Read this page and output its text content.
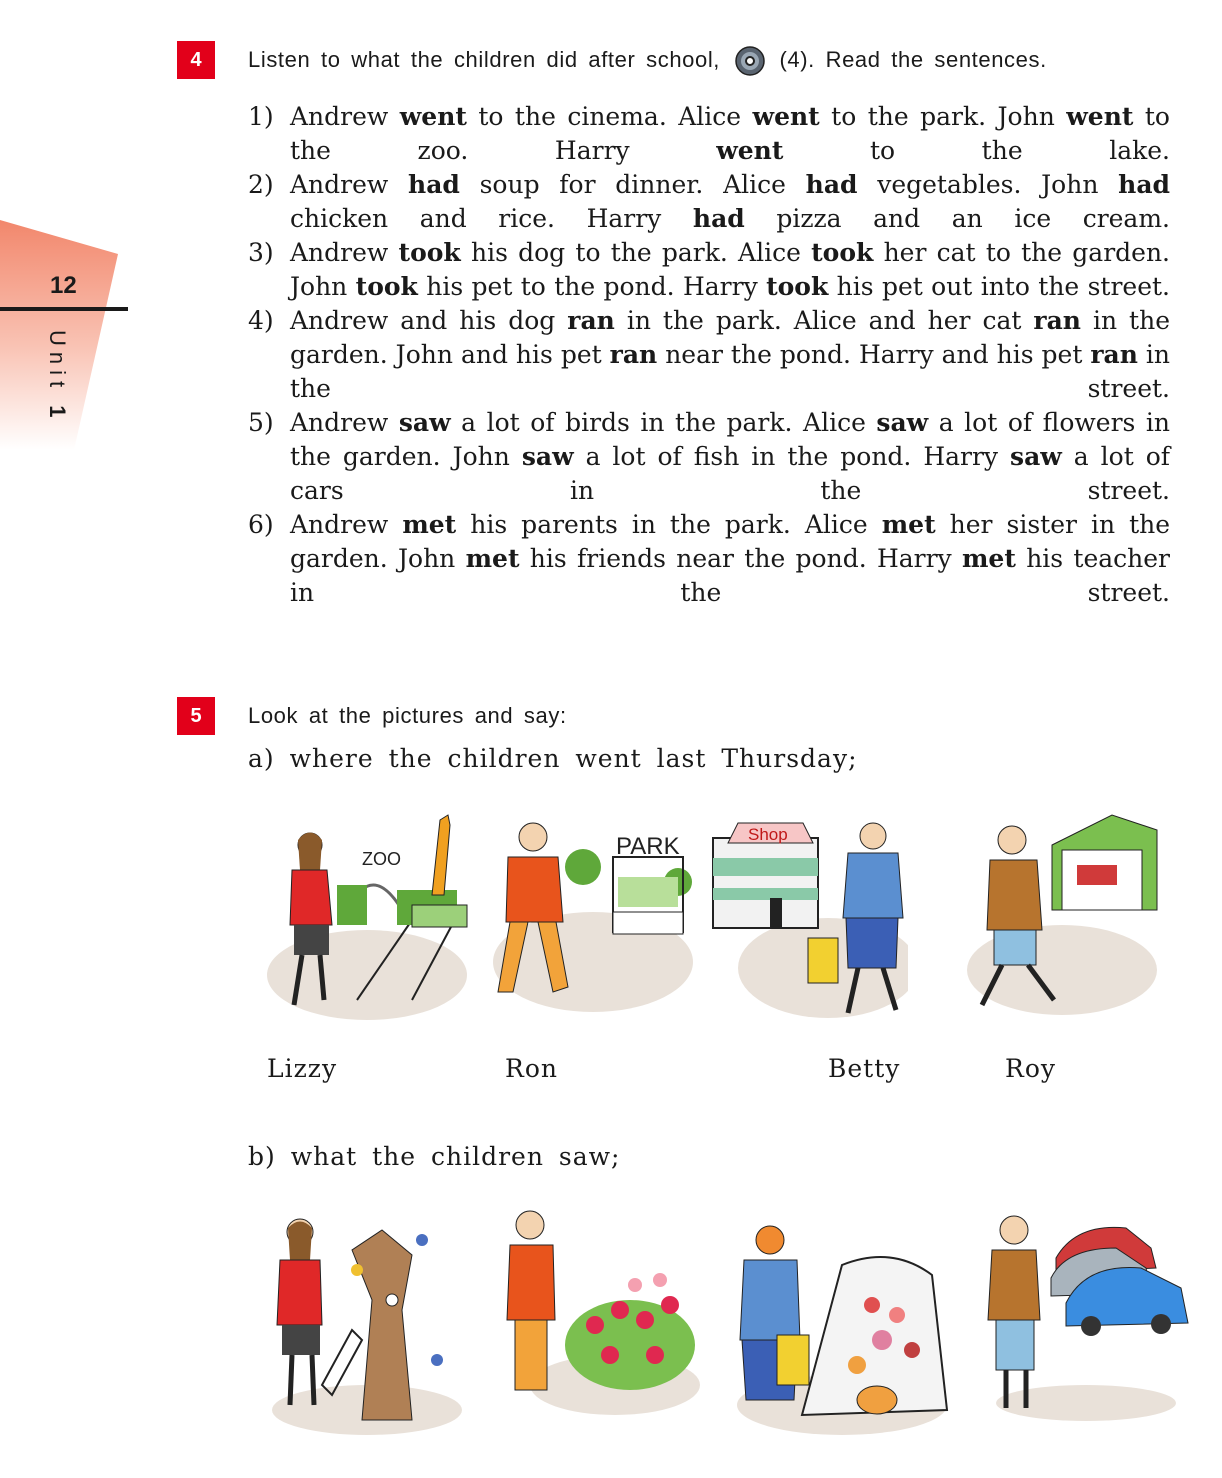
12
Unit 1
4	Listen to what the children did after school,	(4). Read the sentences.
1) Andrew went to the cinema. Alice went to the park. John went to the zoo. Harry went to the lake.
2) Andrew had soup for dinner. Alice had vegetables. John had chicken and rice. Harry had pizza and an ice cream.
3) Andrew took his dog to the park. Alice took her cat to the garden. John took his pet to the pond. Harry took his pet out into the street.
4) Andrew and his dog ran in the park. Alice and her cat ran in the garden. John and his pet ran near the pond. Harry and his pet ran in the street.
5) Andrew saw a lot of birds in the park. Alice saw a lot of flowers in the garden. John saw a lot of fish in the pond. Harry saw a lot of cars in the street.
6) Andrew met his parents in the park. Alice met her sister in the garden. John met his friends near the pond. Harry met his teacher in the street.
5	Look at the pictures and say:
a) where the children went last Thursday;
ZOO	PARK	Shop
Lizzy	Ron	Betty	Roy
b) what the children saw;
